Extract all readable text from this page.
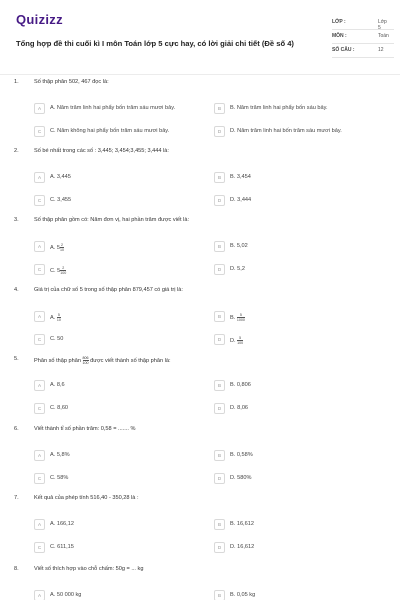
Quizizz
Tổng hợp đề thi cuối kì I môn Toán lớp 5 cực hay, có lời giải chi tiết (Đề số 4)
LỚP :	Lớp 5
MÔN :	Toán
SỐ CÂU :	12
1.	Số thập phân 502, 467 đọc là:
A	A. Năm trăm linh hai phẩy bốn trăm sáu mươi bảy.	B	B. Năm trăm linh hai phẩy bốn sáu bảy.
C	C. Năm không hai phẩy bốn trăm sáu mươi bảy.	D	D. Năm trăm linh hai bốn trăm sáu mươi bảy.
2.	Số bé nhất trong các số : 3,445; 3,454;3,455; 3,444 là:
A	A. 3,445	B	B. 3,454
C	C. 3,455	D	D. 3,444
3.	Số thập phân gồm có: Năm đơn vị, hai phần trăm được viết là:
A	A. $5 \frac{2}{10}$	B	B. 5,02
C	C. $5 \frac{2}{100}$	D	D. 5,2
4.	Giá trị của chữ số 5 trong số thập phân 879,457 có giá trị là:
A	A. $\frac{5}{10}$	B	B. $\frac{5}{1000}$
C	C. 50	D	D. $\frac{5}{100}$
5.	Phân số thập phân $\frac{806}{100}$ được viết thành số thập phân là:
A	A. 8,6	B	B. 0,806
C	C. 8,60	D	D. 8,06
6.	Viết thành tỉ số phần trăm: 0,58 = ....... %
A	A. 5,8%	B	B. 0,58%
C	C. 58%	D	D. 580%
7.	Kết quả của phép tính 516,40 - 350,28 là :
A	A. 166,12	B	B. 16,612
C	C. 611,15	D	D. 16,612
8.	Viết số thích hợp vào chỗ chấm: 50g = ... kg
A	A. 50 000 kg	B	B. 0,05 kg
